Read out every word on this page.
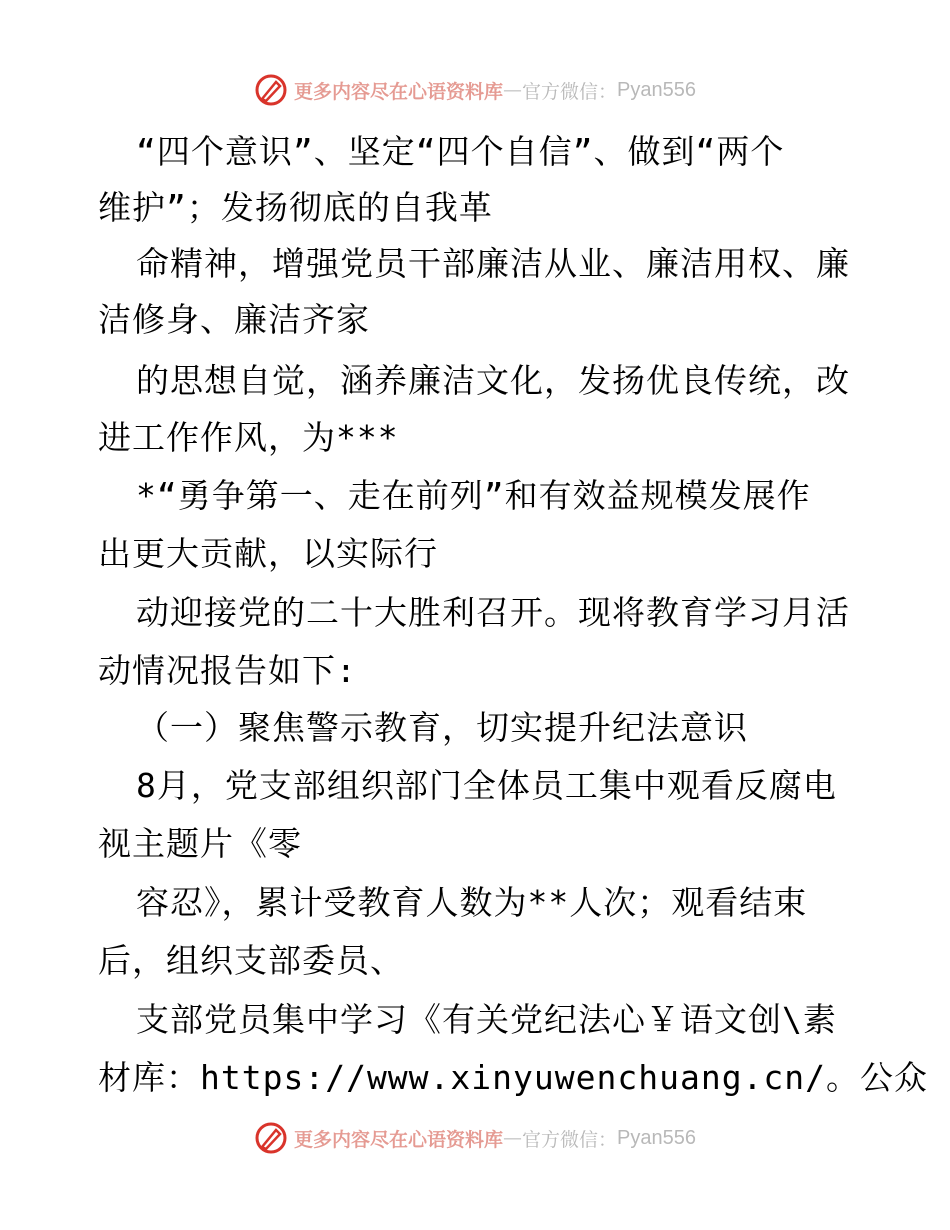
更多内容尽在心语资料库 — 官方微信： Pyan556
“四个意识”、坚定“四个自信”、做到“两个
维护”；发扬彻底的自我革
命精神，增强党员干部廉洁从业、廉洁用权、廉
洁修身、廉洁齐家
的思想自觉，涵养廉洁文化，发扬优良传统，改
进工作作风，为***
*“勇争第一、走在前列”和有效益规模发展作
出更大贡献，以实际行
动迎接党的二十大胜利召开。现将教育学习月活
动情况报告如下:
（一）聚焦警示教育，切实提升纪法意识
8月，党支部组织部门全体员工集中观看反腐电
视主题片《零
容忍》，累计受教育人数为**人次；观看结束
后，组织支部委员、
支部党员集中学习《有关党纪法心￥语文创\素
材库：https://www.xinyuwenchuang.cn/。公众
更多内容尽在心语资料库 — 官方微信： Pyan556
